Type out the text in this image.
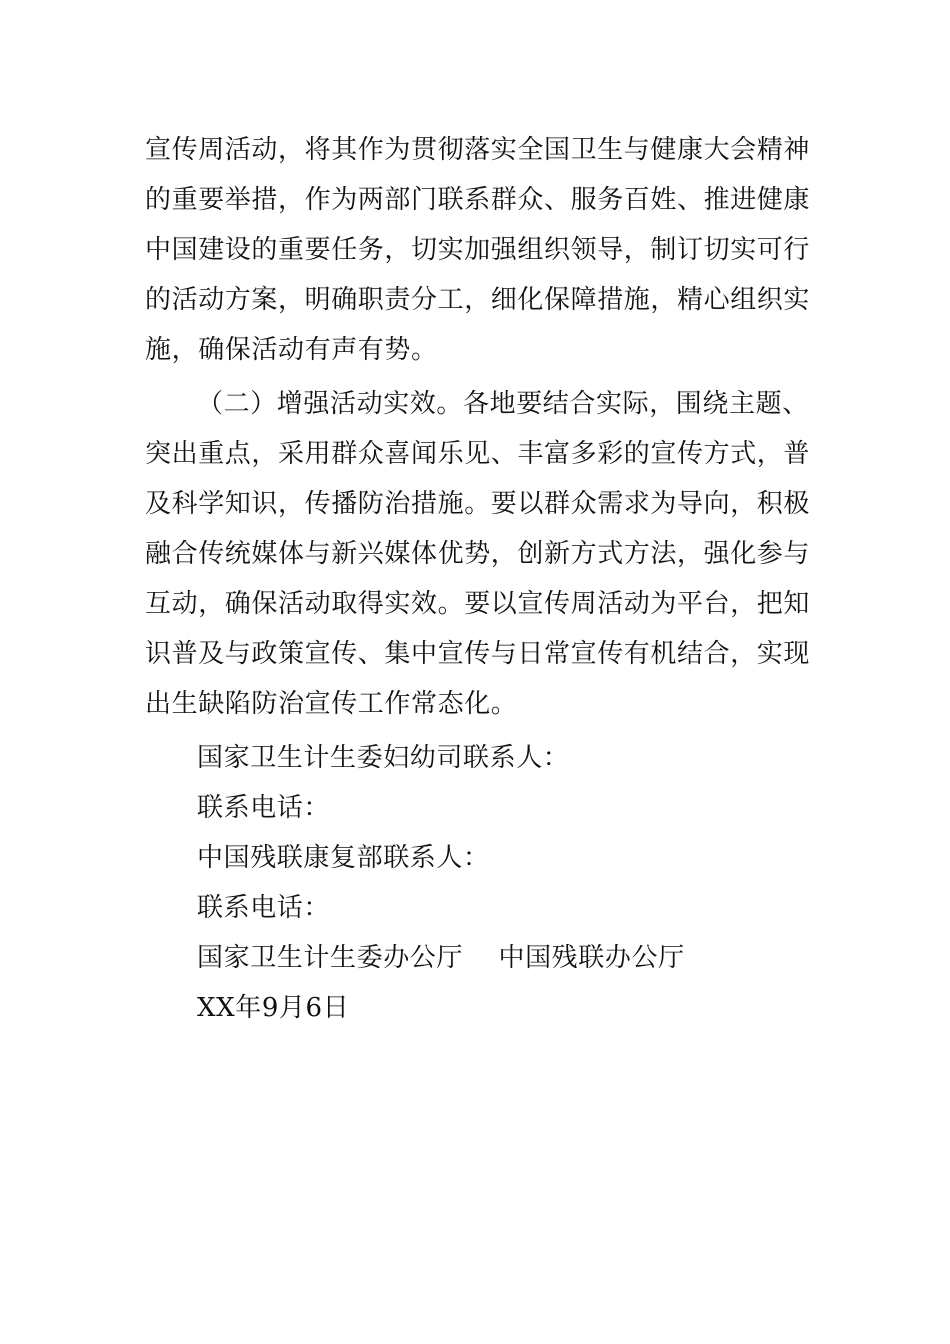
宣传周活动，将其作为贯彻落实全国卫生与健康大会精神
的重要举措，作为两部门联系群众、服务百姓、推进健康
中国建设的重要任务，切实加强组织领导，制订切实可行
的活动方案，明确职责分工，细化保障措施，精心组织实
施，确保活动有声有势。
（二）增强活动实效。各地要结合实际，围绕主题、
突出重点，采用群众喜闻乐见、丰富多彩的宣传方式，普
及科学知识，传播防治措施。要以群众需求为导向，积极
融合传统媒体与新兴媒体优势，创新方式方法，强化参与
互动，确保活动取得实效。要以宣传周活动为平台，把知
识普及与政策宣传、集中宣传与日常宣传有机结合，实现
出生缺陷防治宣传工作常态化。
国家卫生计生委妇幼司联系人：
联系电话：
中国残联康复部联系人：
联系电话：
国家卫生计生委办公厅　 中国残联办公厅
XX年9月6日
